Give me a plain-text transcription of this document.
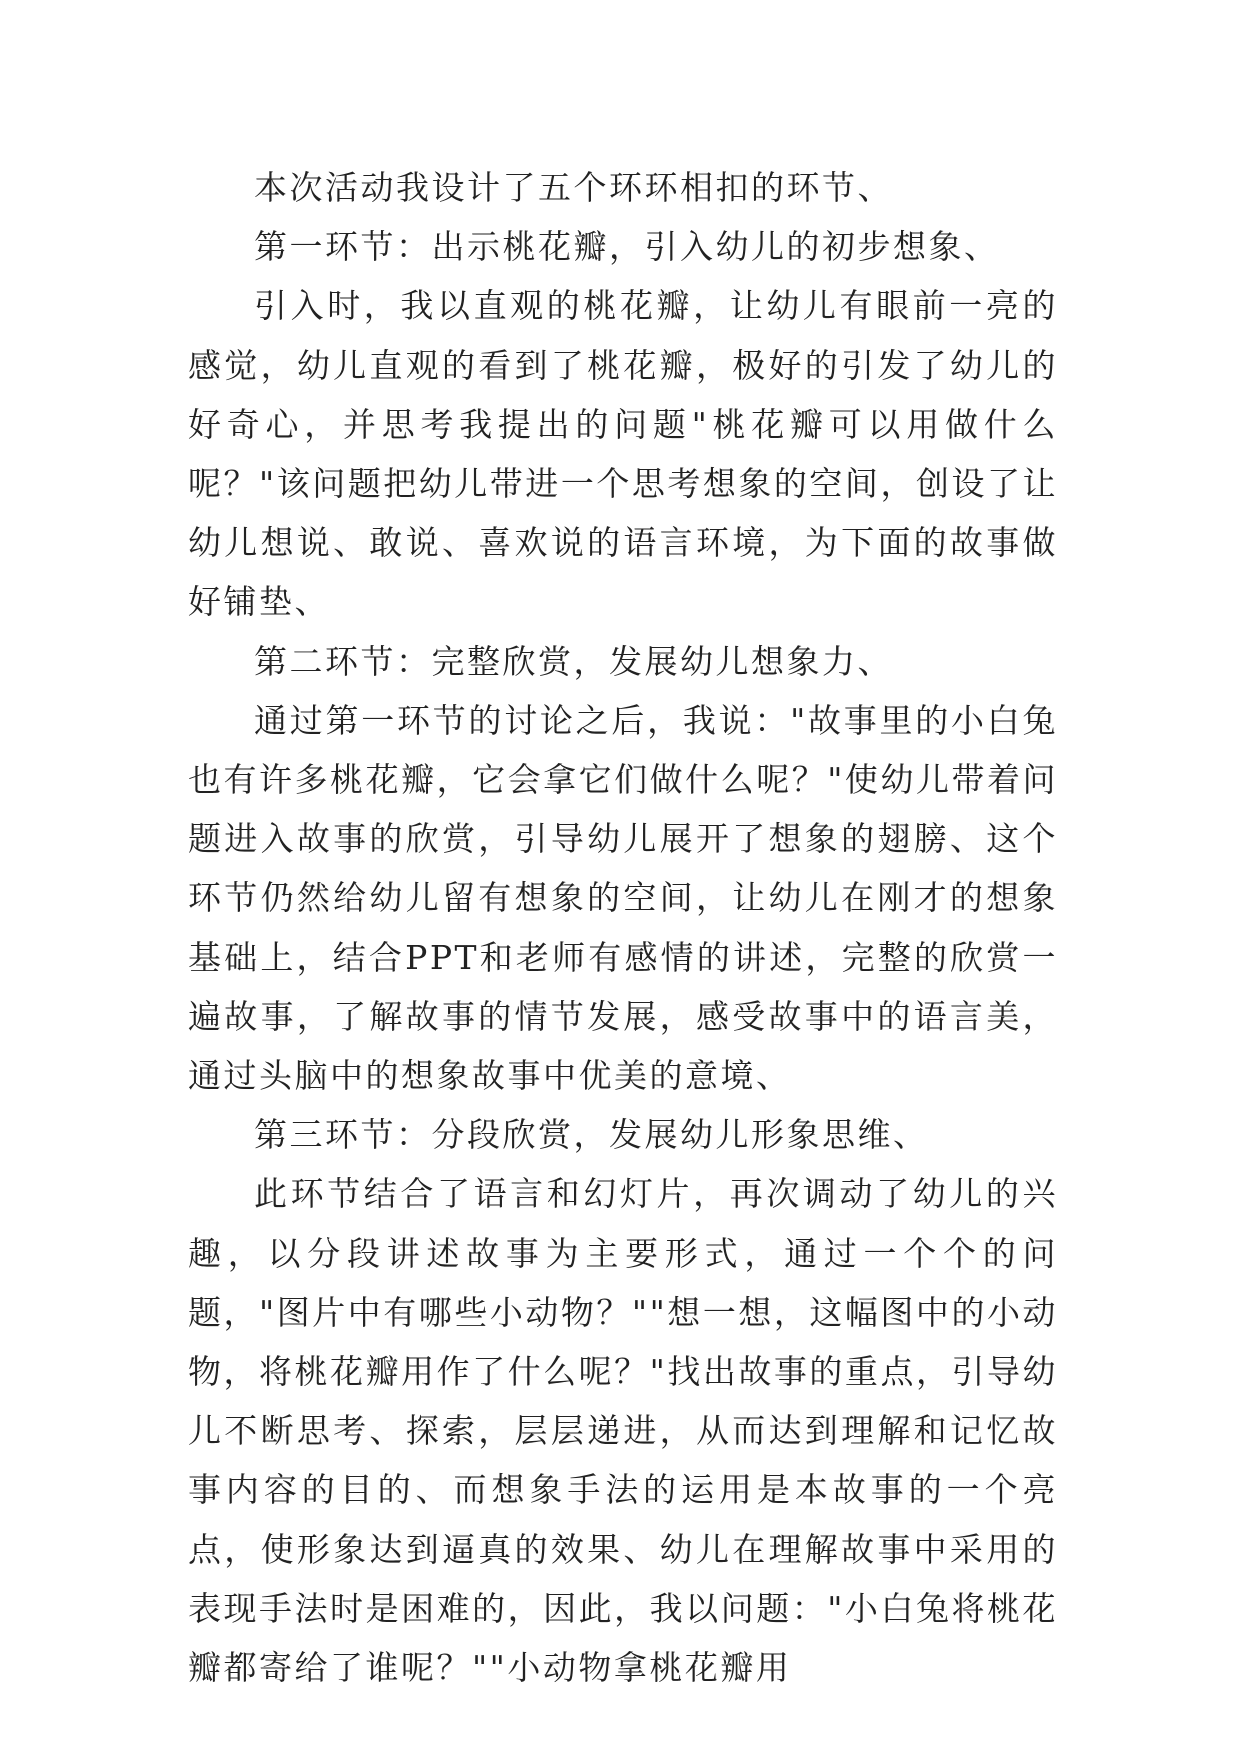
本次活动我设计了五个环环相扣的环节、

第一环节：出示桃花瓣，引入幼儿的初步想象、

引入时，我以直观的桃花瓣，让幼儿有眼前一亮的感觉，幼儿直观的看到了桃花瓣，极好的引发了幼儿的好奇心，并思考我提出的问题"桃花瓣可以用做什么呢？"该问题把幼儿带进一个思考想象的空间，创设了让幼儿想说、敢说、喜欢说的语言环境，为下面的故事做好铺垫、

第二环节：完整欣赏，发展幼儿想象力、

通过第一环节的讨论之后，我说："故事里的小白兔也有许多桃花瓣，它会拿它们做什么呢？"使幼儿带着问题进入故事的欣赏，引导幼儿展开了想象的翅膀、这个环节仍然给幼儿留有想象的空间，让幼儿在刚才的想象基础上，结合PPT和老师有感情的讲述，完整的欣赏一遍故事，了解故事的情节发展，感受故事中的语言美，通过头脑中的想象故事中优美的意境、

第三环节：分段欣赏，发展幼儿形象思维、

此环节结合了语言和幻灯片，再次调动了幼儿的兴趣，以分段讲述故事为主要形式，通过一个个的问题，"图片中有哪些小动物？""想一想，这幅图中的小动物，将桃花瓣用作了什么呢？"找出故事的重点，引导幼儿不断思考、探索，层层递进，从而达到理解和记忆故事内容的目的、而想象手法的运用是本故事的一个亮点，使形象达到逼真的效果、幼儿在理解故事中采用的表现手法时是困难的，因此，我以问题："小白兔将桃花瓣都寄给了谁呢？""小动物拿桃花瓣用
